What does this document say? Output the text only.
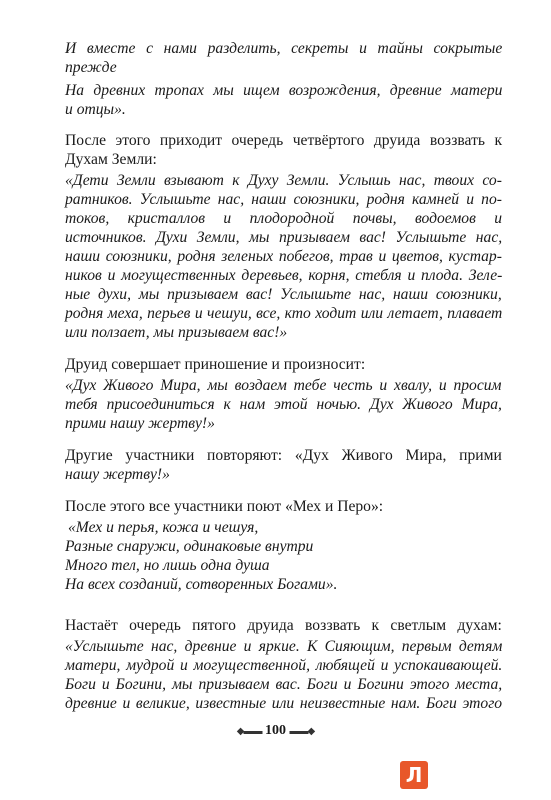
И вместе с нами разделить, секреты и тайны сокрытые
прежде
На древних тропах мы ищем возрождения, древние матери
и отцы».
После этого приходит очередь четвёртого друида воззвать к
Духам Земли:
«Дети Земли взывают к Духу Земли. Услышь нас, твоих со-
ратников. Услышьте нас, наши союзники, родня камней и по-
токов, кристаллов и плодородной почвы, водоемов и
источников. Духи Земли, мы призываем вас! Услышьте нас,
наши союзники, родня зеленых побегов, трав и цветов, кустар-
ников и могущественных деревьев, корня, стебля и плода. Зеле-
ные духи, мы призываем вас! Услышьте нас, наши союзники,
родня меха, перьев и чешуи, все, кто ходит или летает, плавает
или ползает, мы призываем вас!»
Друид совершает приношение и произносит:
«Дух Живого Мира, мы воздаем тебе честь и хвалу, и просим
тебя присоединиться к нам этой ночью. Дух Живого Мира,
прими нашу жертву!»
Другие участники повторяют: «Дух Живого Мира, прими
нашу жертву!»
После этого все участники поют «Мех и Перо»:
«Мех и перья, кожа и чешуя,
Разные снаружи, одинаковые внутри
Много тел, но лишь одна душа
На всех созданий, сотворенных Богами».
Настаёт очередь пятого друида воззвать к светлым духам:
«Услышьте нас, древние и яркие. К Сияющим, первым детям
матери, мудрой и могущественной, любящей и успокаивающей.
Боги и Богини, мы призываем вас. Боги и Богини этого места,
древние и великие, известные или неизвестные нам. Боги этого
◆▬▬ 100 ▬▬◆
Л
